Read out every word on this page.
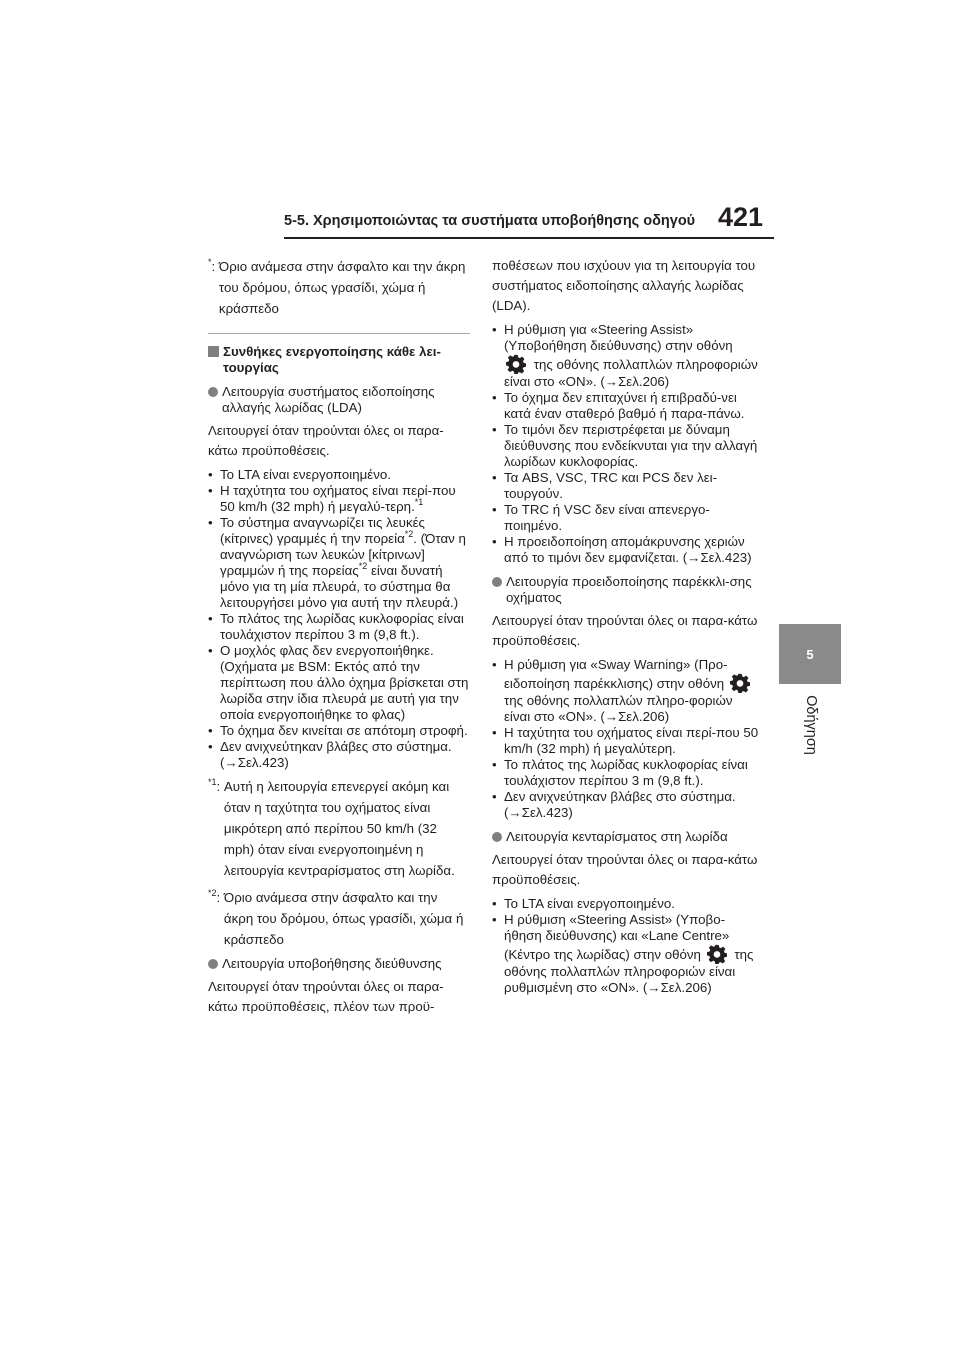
5-5. Χρησιμοποιώντας τα συστήματα υποβοήθησης οδηγού 421
5
Οδήγηση
*: Όριο ανάμεσα στην άσφαλτο και την άκρη του δρόμου, όπως γρασίδι, χώμα ή κράσπεδο
Συνθήκες ενεργοποίησης κάθε λει-τουργίας
Λειτουργία συστήματος ειδοποίησης αλλαγής λωρίδας (LDA)

Λειτουργεί όταν τηρούνται όλες οι παρα-κάτω προϋποθέσεις.

• Το LTA είναι ενεργοποιημένο.
• Η ταχύτητα του οχήματος είναι περί-που 50 km/h (32 mph) ή μεγαλύ-τερη.$^{*1}$
• Το σύστημα αναγνωρίζει τις λευκές (κίτρινες) γραμμές ή την πορεία$^{*2}$. (Όταν η αναγνώριση των λευκών [κίτρινων] γραμμών ή της πορείας$^{*2}$ είναι δυνατή μόνο για τη μία πλευρά, το σύστημα θα λειτουργήσει μόνο για αυτή την πλευρά.)
• Το πλάτος της λωρίδας κυκλοφορίας είναι τουλάχιστον περίπου 3 m (9,8 ft.).
• Ο μοχλός φλας δεν ενεργοποιήθηκε. (Οχήματα με BSM: Εκτός από την περίπτωση που άλλο όχημα βρίσκεται στη λωρίδα στην ίδια πλευρά με αυτή για την οποία ενεργοποιήθηκε το φλας)
• Το όχημα δεν κινείται σε απότομη στροφή.
• Δεν ανιχνεύτηκαν βλάβες στο σύστημα. (→Σελ.423)
$^{*1}$: Αυτή η λειτουργία επενεργεί ακόμη και όταν η ταχύτητα του οχήματος είναι μικρότερη από περίπου 50 km/h (32 mph) όταν είναι ενεργοποιημένη η λειτουργία κεντραρίσματος στη λωρίδα.
$^{*2}$: Όριο ανάμεσα στην άσφαλτο και την άκρη του δρόμου, όπως γρασίδι, χώμα ή κράσπεδο
Λειτουργία υποβοήθησης διεύθυνσης

Λειτουργεί όταν τηρούνται όλες οι παρα-κάτω προϋποθέσεις, πλέον των προϋ-

ποθέσεων που ισχύουν για τη λειτουργία του συστήματος ειδοποίησης αλλαγής λωρίδας (LDA).

• Η ρύθμιση για «Steering Assist» (Υποβοήθηση διεύθυνσης) στην οθόνη  της οθόνης πολλαπλών πληροφοριών είναι στο «ON». (→Σελ.206)
• Το όχημα δεν επιταχύνει ή επιβραδύ-νει κατά έναν σταθερό βαθμό ή παρα-πάνω.
• Το τιμόνι δεν περιστρέφεται με δύναμη διεύθυνσης που ενδείκνυται για την αλλαγή λωρίδων κυκλοφορίας.
• Τα ABS, VSC, TRC και PCS δεν λει-τουργούν.
• Το TRC ή VSC δεν είναι απενεργο-ποιημένο.
• Η προειδοποίηση απομάκρυνσης χεριών από το τιμόνι δεν εμφανίζεται. (→Σελ.423)
Λειτουργία προειδοποίησης παρέκκλι-σης οχήματος

Λειτουργεί όταν τηρούνται όλες οι παρα-κάτω προϋποθέσεις.

• Η ρύθμιση για «Sway Warning» (Προ-ειδοποίηση παρέκκλισης) στην οθόνη  της οθόνης πολλαπλών πληρο-φοριών είναι στο «ON». (→Σελ.206)
• Η ταχύτητα του οχήματος είναι περί-που 50 km/h (32 mph) ή μεγαλύτερη.
• Το πλάτος της λωρίδας κυκλοφορίας είναι τουλάχιστον περίπου 3 m (9,8 ft.).
• Δεν ανιχνεύτηκαν βλάβες στο σύστημα. (→Σελ.423)
Λειτουργία κενταρίσματος στη λωρίδα

Λειτουργεί όταν τηρούνται όλες οι παρα-κάτω προϋποθέσεις.

• Το LTA είναι ενεργοποιημένο.
• Η ρύθμιση «Steering Assist» (Υποβο-ήθηση διεύθυνσης) και «Lane Centre» (Κέντρο της λωρίδας) στην οθόνη	της οθόνης πολλαπλών πληροφοριών είναι ρυθμισμένη στο «ON». (→Σελ.206)
